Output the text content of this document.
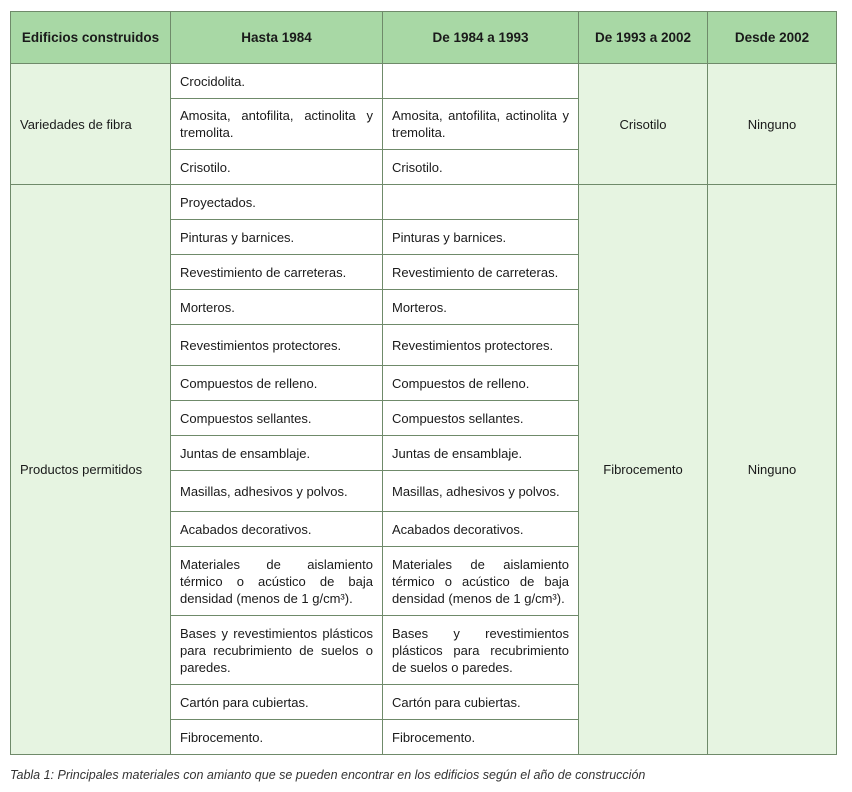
Edificios construidos	Hasta 1984	De 1984 a 1993	De 1993 a 2002	Desde 2002
Variedades de fibra	Crocidolita.		Crisotilo	Ninguno
	Amosita, antofilita, actinolita y tremolita.	Amosita, antofilita, actinolita y tremolita.		
	Crisotilo.	Crisotilo.		
Productos permitidos	Proyectados.		Fibrocemento	Ninguno
	Pinturas y barnices.	Pinturas y barnices.		
	Revestimiento de carreteras.	Revestimiento de carreteras.		
	Morteros.	Morteros.		
	Revestimientos protectores.	Revestimientos protectores.		
	Compuestos de relleno.	Compuestos de relleno.		
	Compuestos sellantes.	Compuestos sellantes.		
	Juntas de ensamblaje.	Juntas de ensamblaje.		
	Masillas, adhesivos y polvos.	Masillas, adhesivos y polvos.		
	Acabados decorativos.	Acabados decorativos.		
	Materiales de aislamiento térmico o acústico de baja densidad (menos de 1 g/cm³).	Materiales de aislamiento térmico o acústico de baja densidad (menos de 1 g/cm³).		
	Bases y revestimientos plásticos para recubrimiento de suelos o paredes.	Bases y revestimientos plásticos para recubrimiento de suelos o paredes.		
	Cartón para cubiertas.	Cartón para cubiertas.		
	Fibrocemento.	Fibrocemento.		
Tabla 1: Principales materiales con amianto que se pueden encontrar en los edificios según el año de construcción
